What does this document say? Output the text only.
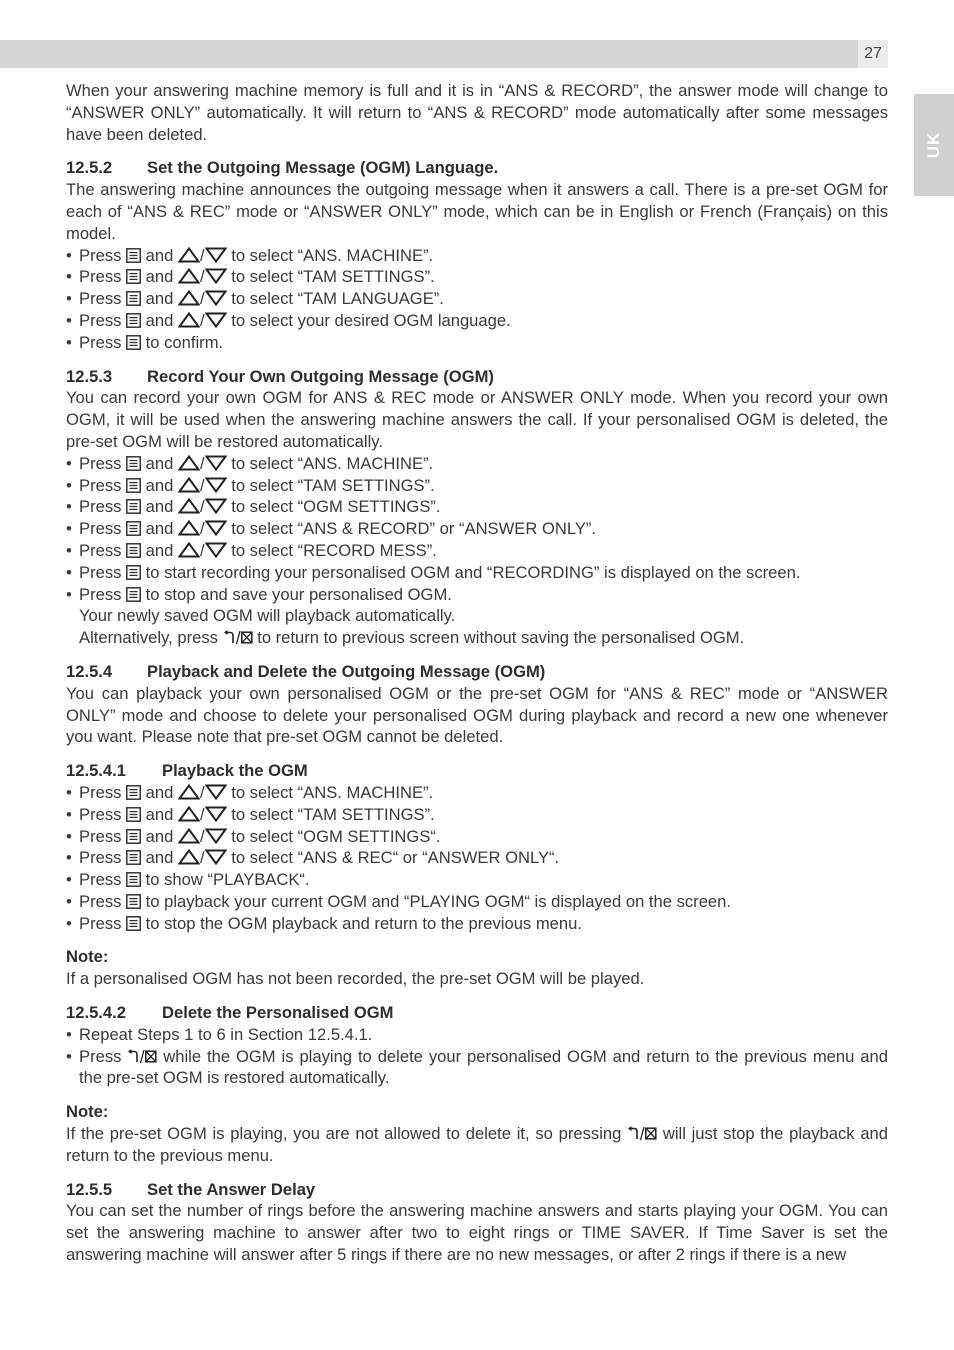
27
UK

When your answering machine memory is full and it is in “ANS & RECORD”, the answer mode will change to “ANSWER ONLY” automatically. It will return to “ANS & RECORD” mode automatically after some messages have been deleted.

12.5.2 Set the Outgoing Message (OGM) Language.

The answering machine announces the outgoing message when it answers a call. There is a pre-set OGM for each of “ANS & REC” mode or “ANSWER ONLY” mode, which can be in English or French (Français) on this model.

• Press and / to select “ANS. MACHINE”.
• Press and / to select “TAM SETTINGS”.
• Press and / to select “TAM LANGUAGE”.
• Press and / to select your desired OGM language.
• Press to confirm.
12.5.3 Record Your Own Outgoing Message (OGM)

You can record your own OGM for ANS & REC mode or ANSWER ONLY mode. When you record your own OGM, it will be used when the answering machine answers the call. If your personalised OGM is deleted, the pre-set OGM will be restored automatically.

• Press and / to select “ANS. MACHINE”.
• Press and / to select “TAM SETTINGS”.
• Press and / to select “OGM SETTINGS”.
• Press and / to select “ANS & RECORD” or “ANSWER ONLY”.
• Press and / to select “RECORD MESS”.
• Press to start recording your personalised OGM and “RECORDING” is displayed on the screen.
• Press to stop and save your personalised OGM.
Your newly saved OGM will playback automatically.
Alternatively, press to return to previous screen without saving the personalised OGM.
12.5.4 Playback and Delete the Outgoing Message (OGM)

You can playback your own personalised OGM or the pre-set OGM for “ANS & REC” mode or “ANSWER ONLY” mode and choose to delete your personalised OGM during playback and record a new one whenever you want. Please note that pre-set OGM cannot be deleted.

12.5.4.1 Playback the OGM
• Press and / to select “ANS. MACHINE”.
• Press and / to select “TAM SETTINGS”.
• Press and / to select “OGM SETTINGS“.
• Press and / to select “ANS & REC“ or “ANSWER ONLY“.
• Press to show “PLAYBACK“.
• Press to playback your current OGM and “PLAYING OGM“ is displayed on the screen.
• Press to stop the OGM playback and return to the previous menu.
Note:

If a personalised OGM has not been recorded, the pre-set OGM will be played.

12.5.4.2 Delete the Personalised OGM
• Repeat Steps 1 to 6 in Section 12.5.4.1.
• Press	while the OGM is playing to delete your personalised OGM and return to the previous menu and the pre-set OGM is restored automatically.
Note:

If the pre-set OGM is playing, you are not allowed to delete it, so pressing	will just stop the playback and return to the previous menu.

12.5.5 Set the Answer Delay

You can set the number of rings before the answering machine answers and starts playing your OGM. You can set the answering machine to answer after two to eight rings or TIME SAVER. If Time Saver is set the answering machine will answer after 5 rings if there are no new messages, or after 2 rings if there is a new
